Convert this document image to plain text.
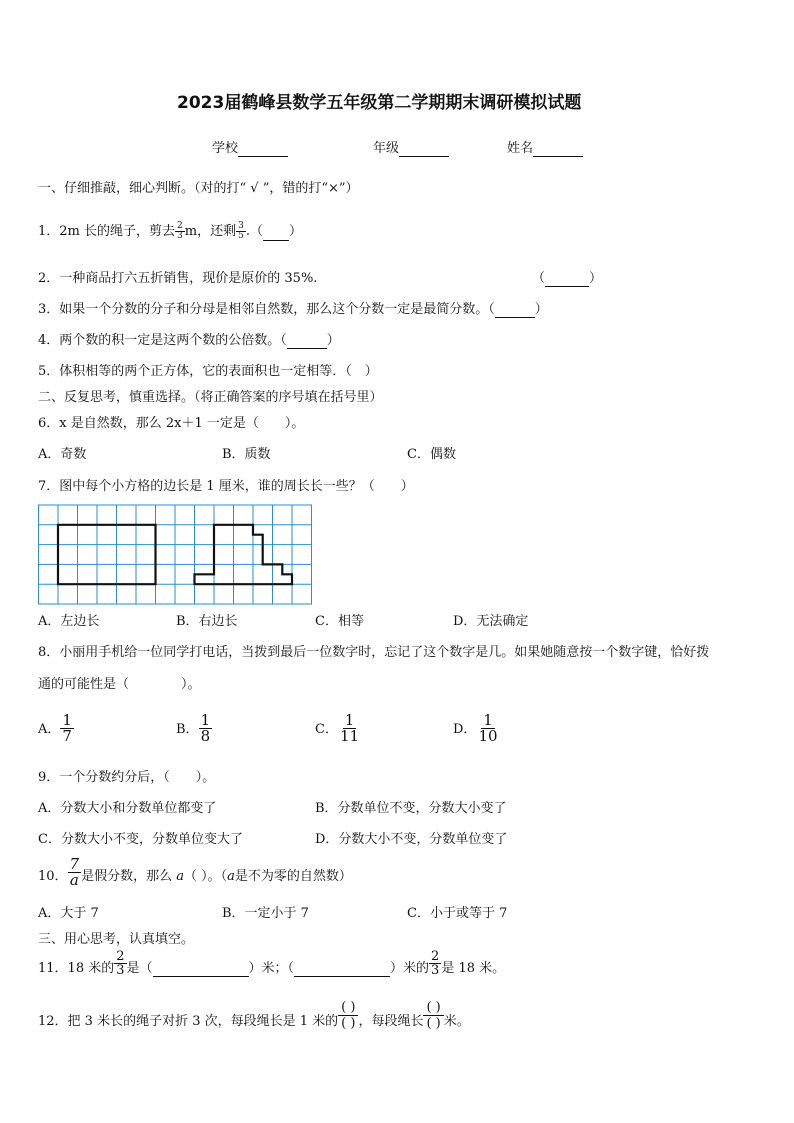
2023届鹤峰县数学五年级第二学期期末调研模拟试题
学校	年级	姓名
一、仔细推敲，细心判断。（对的打“ √ ”，错的打“×”）
1．2m 长的绳子，剪去 $\frac{2}{3}$ m，还剩 $\frac{3}{5}$ .（ ）
2．一种商品打六五折销售，现价是原价的 35%.	（	）
3．如果一个分数的分子和分母是相邻自然数，那么这个分数一定是最简分数。（	）
4．两个数的积一定是这两个数的公倍数。（	）
5．体积相等的两个正方体，它的表面积也一定相等．（　）
二、反复思考，慎重选择。（将正确答案的序号填在括号里）
6．x 是自然数，那么 2x＋1 一定是（　　）。
A．奇数	B．质数	C．偶数
7．图中每个小方格的边长是 1 厘米，谁的周长长一些？（　　）
A．左边长	B．右边长	C．相等	D．无法确定
8．小丽用手机给一位同学打电话，当拨到最后一位数字时，忘记了这个数字是几。如果她随意按一个数字键，恰好拨
通的可能性是（　　　　）。
A． $\frac{1}{7}$	B． $\frac{1}{8}$	C． $\frac{1}{11}$	D． $\frac{1}{10}$
9．一个分数约分后，（　　）。
A．分数大小和分数单位都变了	B．分数单位不变，分数大小变了
C．分数大小不变，分数单位变大了	D．分数大小不变，分数单位变了
10． $\frac{7}{a}$ 是假分数，那么 a（ ）。（a是不为零的自然数）
A．大于 7	B．一定小于 7	C．小于或等于 7
三、用心思考，认真填空。
11．18 米的 $\frac{2}{3}$ 是（	）米；（	）米的 $\frac{2}{3}$ 是 18 米。
12．把 3 米长的绳子对折 3 次，每段绳长是 1 米的 $\frac{( )}{( )}$ ，每段绳长 $\frac{( )}{( )}$ 米。
